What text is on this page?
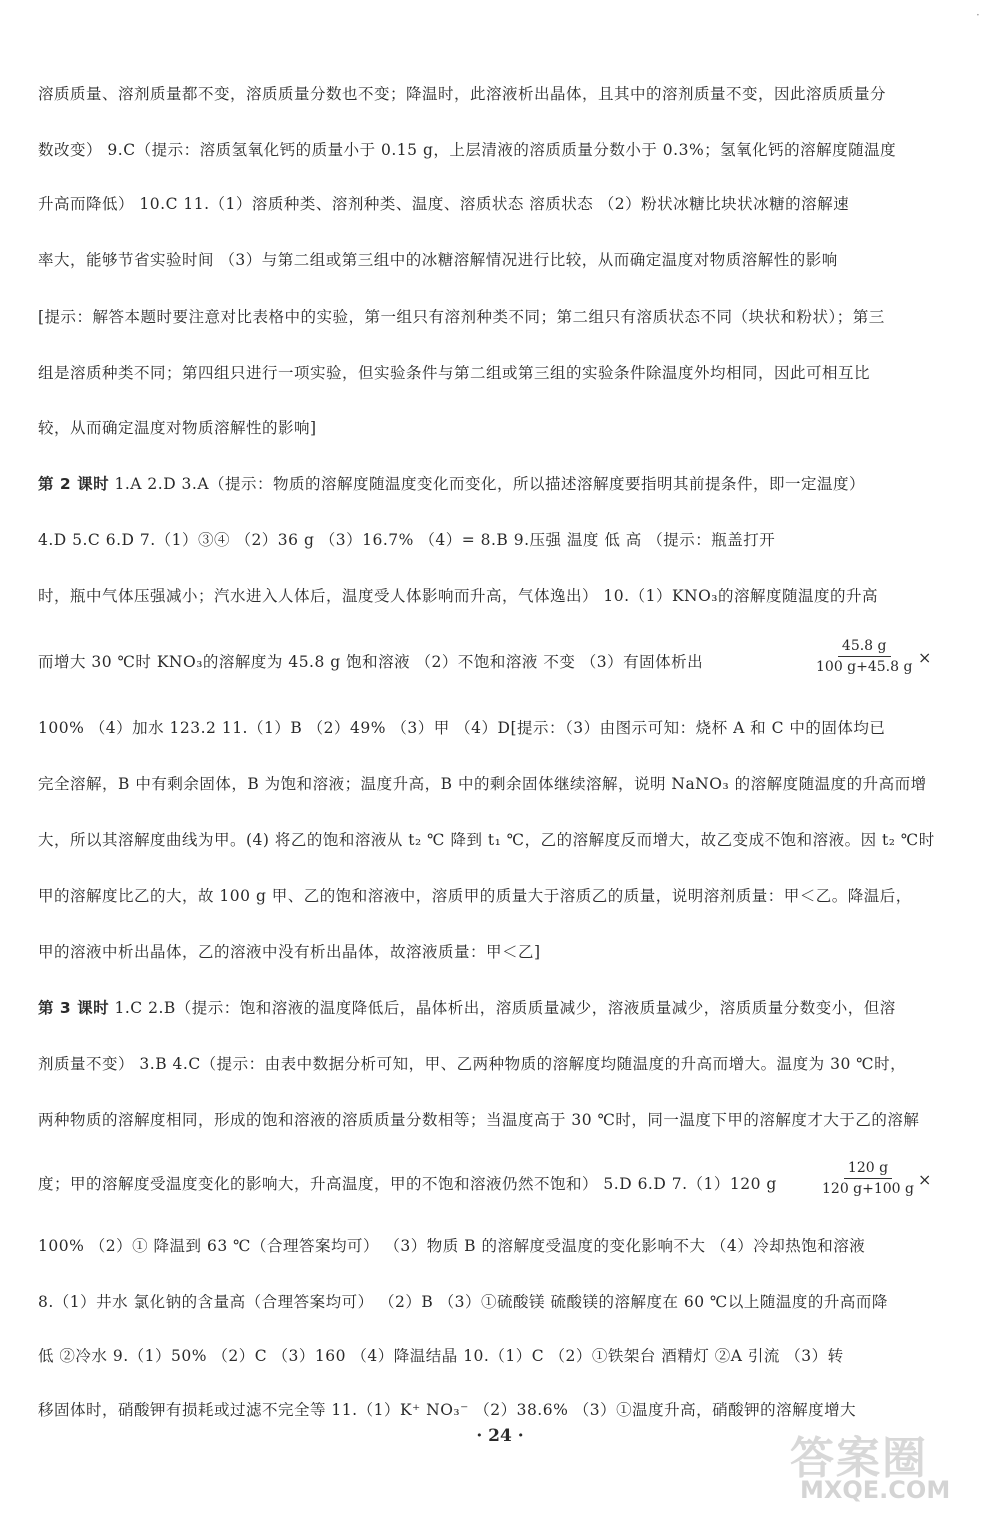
·
溶质质量、溶剂质量都不变，溶质质量分数也不变；降温时，此溶液析出晶体，且其中的溶剂质量不变，因此溶质质量分
数改变） 9.C（提示：溶质氢氧化钙的质量小于 0.15 g，上层清液的溶质质量分数小于 0.3%；氢氧化钙的溶解度随温度
升高而降低） 10.C 11.（1）溶质种类、溶剂种类、温度、溶质状态 溶质状态 （2）粉状冰糖比块状冰糖的溶解速
率大，能够节省实验时间 （3）与第二组或第三组中的冰糖溶解情况进行比较，从而确定温度对物质溶解性的影响
[提示：解答本题时要注意对比表格中的实验，第一组只有溶剂种类不同；第二组只有溶质状态不同（块状和粉状）；第三
组是溶质种类不同；第四组只进行一项实验，但实验条件与第二组或第三组的实验条件除温度外均相同，因此可相互比
较，从而确定温度对物质溶解性的影响]
第 2 课时 1.A 2.D 3.A（提示：物质的溶解度随温度变化而变化，所以描述溶解度要指明其前提条件，即一定温度）
4.D 5.C 6.D 7.（1）③④ （2）36 g （3）16.7% （4）= 8.B 9.压强 温度 低 高 （提示：瓶盖打开
时，瓶中气体压强减小；汽水进入人体后，温度受人体影响而升高，气体逸出） 10.（1）KNO₃的溶解度随温度的升高
而增大 30 ℃时 KNO₃的溶解度为 45.8 g 饱和溶液 （2）不饱和溶液 不变 （3）有固体析出	$\frac{45.8 g}{100 g+45.8 g}$ ×
100% （4）加水 123.2 11.（1）B （2）49% （3）甲 （4）D[提示：（3）由图示可知：烧杯 A 和 C 中的固体均已
完全溶解，B 中有剩余固体，B 为饱和溶液；温度升高，B 中的剩余固体继续溶解，说明 NaNO₃ 的溶解度随温度的升高而增
大，所以其溶解度曲线为甲。(4) 将乙的饱和溶液从 t₂ ℃ 降到 t₁ ℃，乙的溶解度反而增大，故乙变成不饱和溶液。因 t₂ ℃时
甲的溶解度比乙的大，故 100 g 甲、乙的饱和溶液中，溶质甲的质量大于溶质乙的质量，说明溶剂质量：甲＜乙。降温后，
甲的溶液中析出晶体，乙的溶液中没有析出晶体，故溶液质量：甲＜乙]
第 3 课时 1.C 2.B（提示：饱和溶液的温度降低后，晶体析出，溶质质量减少，溶液质量减少，溶质质量分数变小，但溶
剂质量不变） 3.B 4.C（提示：由表中数据分析可知，甲、乙两种物质的溶解度均随温度的升高而增大。温度为 30 ℃时，
两种物质的溶解度相同，形成的饱和溶液的溶质质量分数相等；当温度高于 30 ℃时，同一温度下甲的溶解度才大于乙的溶解
度；甲的溶解度受温度变化的影响大，升高温度，甲的不饱和溶液仍然不饱和） 5.D 6.D 7.（1）120 g	$\frac{120 g}{120 g+100 g}$ ×
100% （2）① 降温到 63 ℃（合理答案均可） （3）物质 B 的溶解度受温度的变化影响不大 （4）冷却热饱和溶液
8.（1）井水 氯化钠的含量高（合理答案均可） （2）B （3）①硫酸镁 硫酸镁的溶解度在 60 ℃以上随温度的升高而降
低 ②冷水 9.（1）50% （2）C （3）160 （4）降温结晶 10.（1）C （2）①铁架台 酒精灯 ②A 引流 （3）转
移固体时，硝酸钾有损耗或过滤不完全等 11.（1）K⁺ NO₃⁻ （2）38.6% （3）①温度升高，硝酸钾的溶解度增大
· 24 ·	答案圈
MXQE.COM
